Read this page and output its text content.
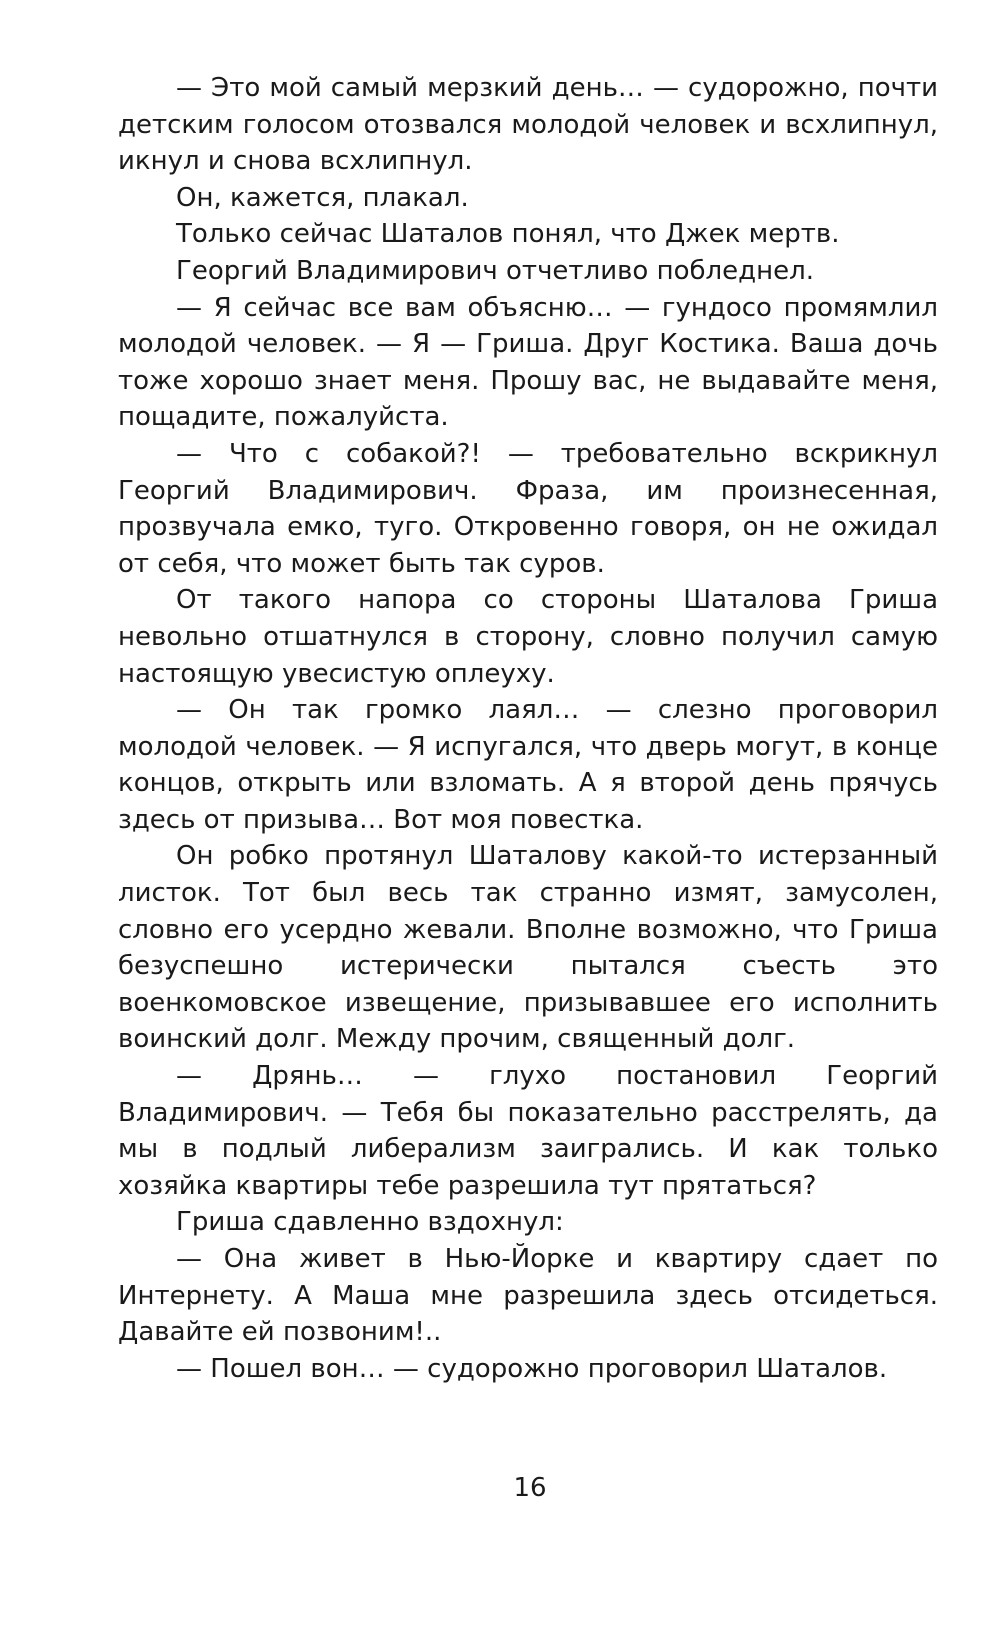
— Это мой самый мерзкий день… — судорожно, почти детским голосом отозвался молодой человек и всхлипнул, икнул и снова всхлипнул.

Он, кажется, плакал.

Только сейчас Шаталов понял, что Джек мертв.

Георгий Владимирович отчетливо побледнел.

— Я сейчас все вам объясню… — гундосо промямлил молодой человек. — Я — Гриша. Друг Костика. Ваша дочь тоже хорошо знает меня. Прошу вас, не выдавайте меня, пощадите, пожалуйста.

— Что с собакой?! — требовательно вскрикнул Георгий Владимирович. Фраза, им произнесенная, прозвучала емко, туго. Откровенно говоря, он не ожидал от себя, что может быть так суров.

От такого напора со стороны Шаталова Гриша невольно отшатнулся в сторону, словно получил самую настоящую увесистую оплеуху.

— Он так громко лаял… — слезно проговорил молодой человек. — Я испугался, что дверь могут, в конце концов, открыть или взломать. А я второй день прячусь здесь от призыва… Вот моя повестка.

Он робко протянул Шаталову какой-то истерзанный листок. Тот был весь так странно измят, замусолен, словно его усердно жевали. Вполне возможно, что Гриша безуспешно истерически пытался съесть это военкомовское извещение, призывавшее его исполнить воинский долг. Между прочим, священный долг.

— Дрянь… — глухо постановил Георгий Владимирович. — Тебя бы показательно расстрелять, да мы в подлый либерализм заигрались. И как только хозяйка квартиры тебе разрешила тут прятаться?

Гриша сдавленно вздохнул:

— Она живет в Нью-Йорке и квартиру сдает по Интернету. А Маша мне разрешила здесь отсидеться. Давайте ей позвоним!..

— Пошел вон… — судорожно проговорил Шаталов.

16
